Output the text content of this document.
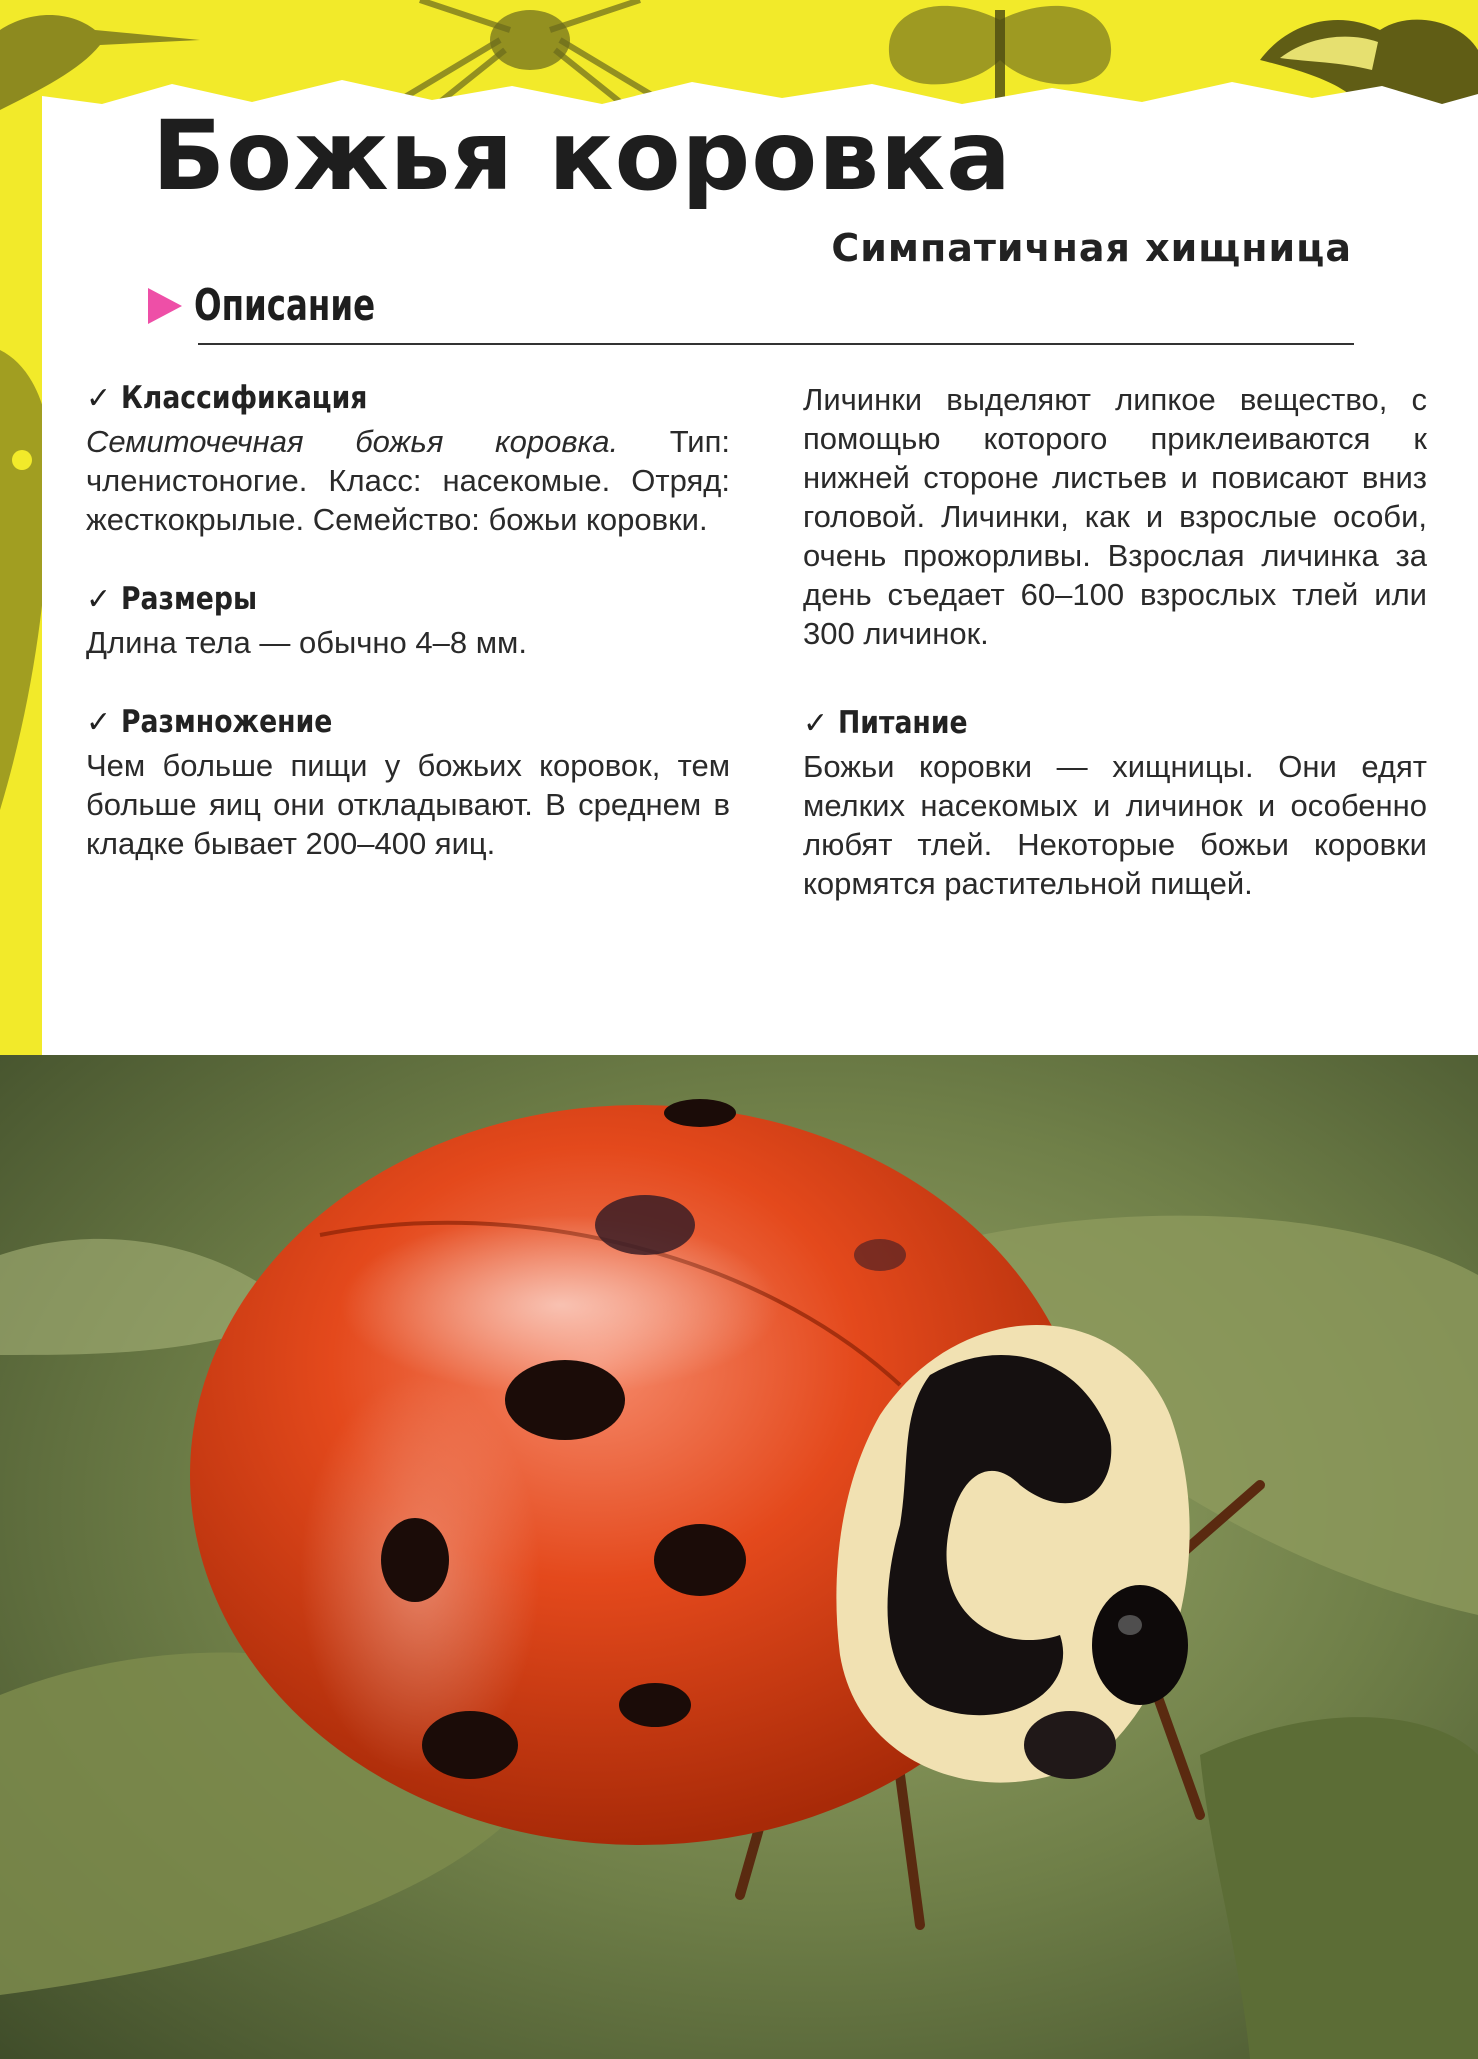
Божья коровка
Симпатичная хищница
Описание
✓ Классификация

Семиточечная божья коровка. Тип: членистоногие. Класс: насекомые. Отряд: жесткокрылые. Семейство: божьи коровки.

✓ Размеры

Длина тела — обычно 4–8 мм.

✓ Размножение

Чем больше пищи у божьих коровок, тем больше яиц они откладывают. В среднем в кладке бывает 200–400 яиц.

Личинки выделяют липкое вещество, с помощью которого приклеиваются к нижней стороне листьев и повисают вниз головой. Личинки, как и взрослые особи, очень прожорливы. Взрослая личинка за день съедает 60–100 взрослых тлей или 300 личинок.

✓ Питание

Божьи коровки — хищницы. Они едят мелких насекомых и личинок и особенно любят тлей. Некоторые божьи коровки кормятся растительной пищей.
